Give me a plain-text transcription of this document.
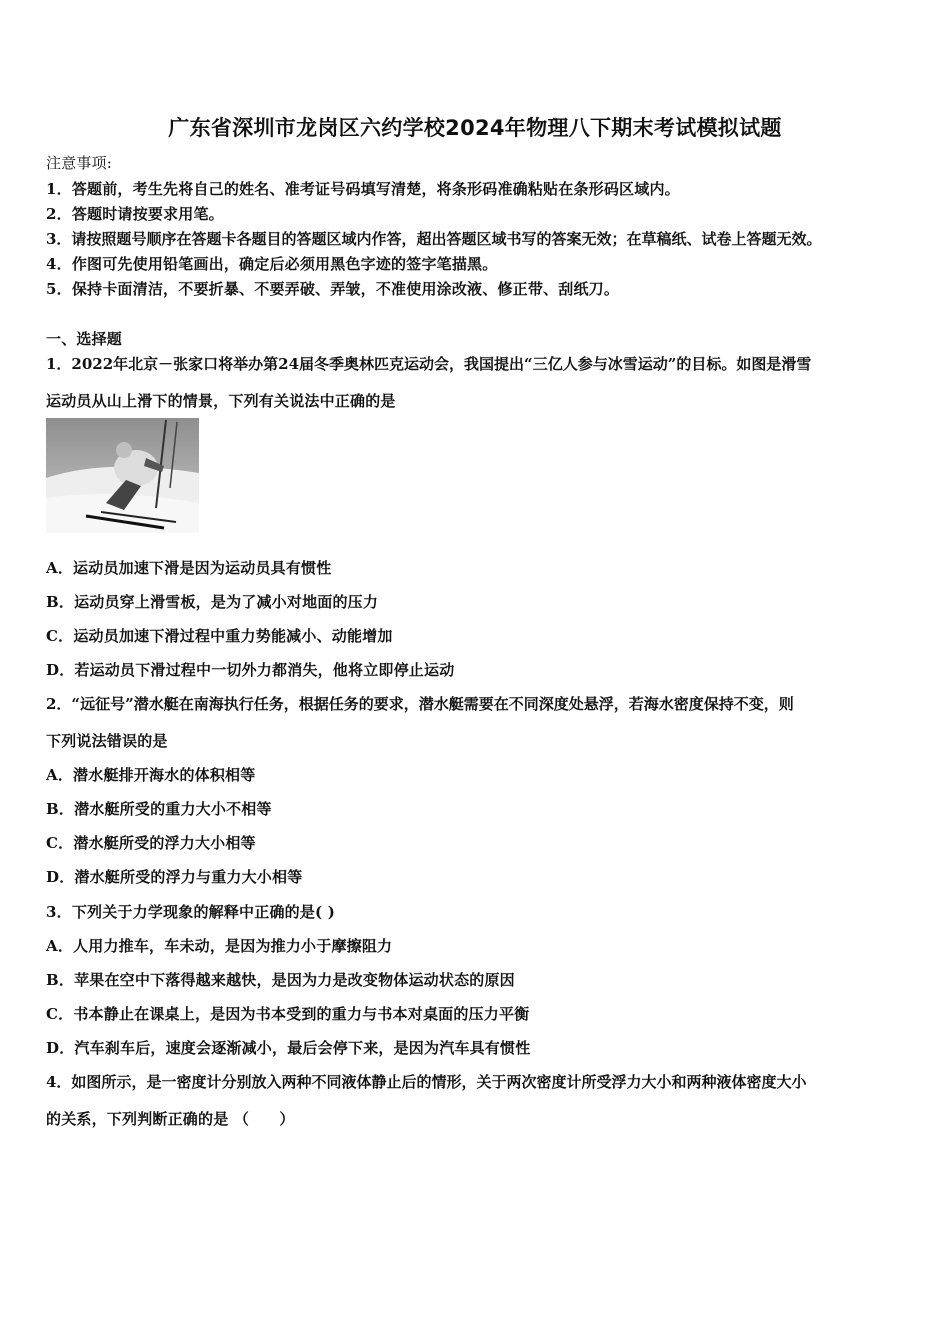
广东省深圳市龙岗区六约学校2024年物理八下期末考试模拟试题
注意事项:
1．答题前，考生先将自己的姓名、准考证号码填写清楚，将条形码准确粘贴在条形码区域内。
2．答题时请按要求用笔。
3．请按照题号顺序在答题卡各题目的答题区域内作答，超出答题区域书写的答案无效；在草稿纸、试卷上答题无效。
4．作图可先使用铅笔画出，确定后必须用黑色字迹的签字笔描黑。
5．保持卡面清洁，不要折暴、不要弄破、弄皱，不准使用涂改液、修正带、刮纸刀。
一、选择题
1．2022年北京－张家口将举办第24届冬季奥林匹克运动会，我国提出“三亿人参与冰雪运动”的目标。如图是滑雪
运动员从山上滑下的情景，下列有关说法中正确的是
A．运动员加速下滑是因为运动员具有惯性
B．运动员穿上滑雪板，是为了减小对地面的压力
C．运动员加速下滑过程中重力势能减小、动能增加
D．若运动员下滑过程中一切外力都消失，他将立即停止运动
2．“远征号”潜水艇在南海执行任务，根据任务的要求，潜水艇需要在不同深度处悬浮，若海水密度保持不变，则
下列说法错误的是
A．潜水艇排开海水的体积相等
B．潜水艇所受的重力大小不相等
C．潜水艇所受的浮力大小相等
D．潜水艇所受的浮力与重力大小相等
3．下列关于力学现象的解释中正确的是( )
A．人用力推车，车未动，是因为推力小于摩擦阻力
B．苹果在空中下落得越来越快，是因为力是改变物体运动状态的原因
C．书本静止在课桌上，是因为书本受到的重力与书本对桌面的压力平衡
D．汽车刹车后，速度会逐渐减小，最后会停下来，是因为汽车具有惯性
4．如图所示，是一密度计分别放入两种不同液体静止后的情形，关于两次密度计所受浮力大小和两种液体密度大小
的关系，下列判断正确的是 （　　）
